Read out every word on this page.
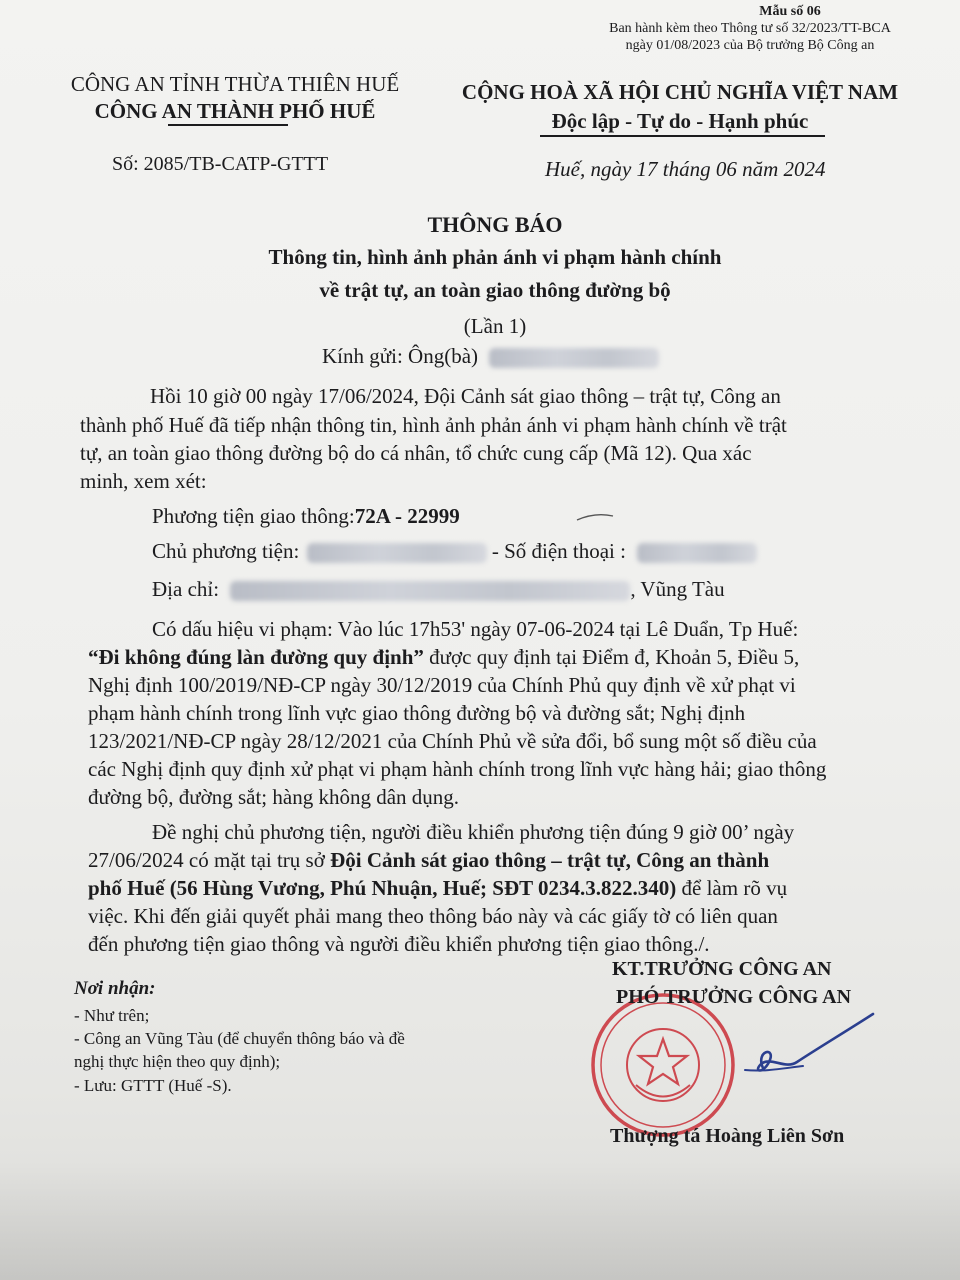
Mẫu số 06
Ban hành kèm theo Thông tư số 32/2023/TT-BCA
ngày 01/08/2023 của Bộ trưởng Bộ Công an
CÔNG AN TỈNH THỪA THIÊN HUẾ
CÔNG AN THÀNH PHỐ HUẾ
Số: 2085/TB-CATP-GTTT
CỘNG HOÀ XÃ HỘI CHỦ NGHĨA VIỆT NAM
Độc lập - Tự do - Hạnh phúc
Huế, ngày 17 tháng 06 năm 2024
THÔNG BÁO
Thông tin, hình ảnh phản ánh vi phạm hành chính
về trật tự, an toàn giao thông đường bộ
(Lần 1)
Kính gửi: Ông(bà)
Hồi 10 giờ 00 ngày 17/06/2024, Đội Cảnh sát giao thông – trật tự, Công an
thành phố Huế đã tiếp nhận thông tin, hình ảnh phản ánh vi phạm hành chính về trật
tự, an toàn giao thông đường bộ do cá nhân, tổ chức cung cấp (Mã 12). Qua xác
minh, xem xét:
Phương tiện giao thông:72A - 22999
Chủ phương tiện:	- Số điện thoại :
Địa chỉ:	, Vũng Tàu
Có dấu hiệu vi phạm: Vào lúc 17h53' ngày 07-06-2024 tại Lê Duẩn, Tp Huế:
“Đi không đúng làn đường quy định” được quy định tại Điểm đ, Khoản 5, Điều 5,
Nghị định 100/2019/NĐ-CP ngày 30/12/2019 của Chính Phủ quy định về xử phạt vi
phạm hành chính trong lĩnh vực giao thông đường bộ và đường sắt; Nghị định
123/2021/NĐ-CP ngày 28/12/2021 của Chính Phủ về sửa đổi, bổ sung một số điều của
các Nghị định quy định xử phạt vi phạm hành chính trong lĩnh vực hàng hải; giao thông
đường bộ, đường sắt; hàng không dân dụng.
Đề nghị chủ phương tiện, người điều khiển phương tiện đúng 9 giờ 00’ ngày
27/06/2024 có mặt tại trụ sở Đội Cảnh sát giao thông – trật tự, Công an thành
phố Huế (56 Hùng Vương, Phú Nhuận, Huế; SĐT 0234.3.822.340) để làm rõ vụ
việc. Khi đến giải quyết phải mang theo thông báo này và các giấy tờ có liên quan
đến phương tiện giao thông và người điều khiển phương tiện giao thông./.
Nơi nhận:
- Như trên;
- Công an Vũng Tàu (để chuyển thông báo và đề
nghị thực hiện theo quy định);
- Lưu: GTTT (Huế -S).
KT.TRƯỞNG CÔNG AN
PHÓ TRƯỞNG CÔNG AN
Thượng tá Hoàng Liên Sơn
